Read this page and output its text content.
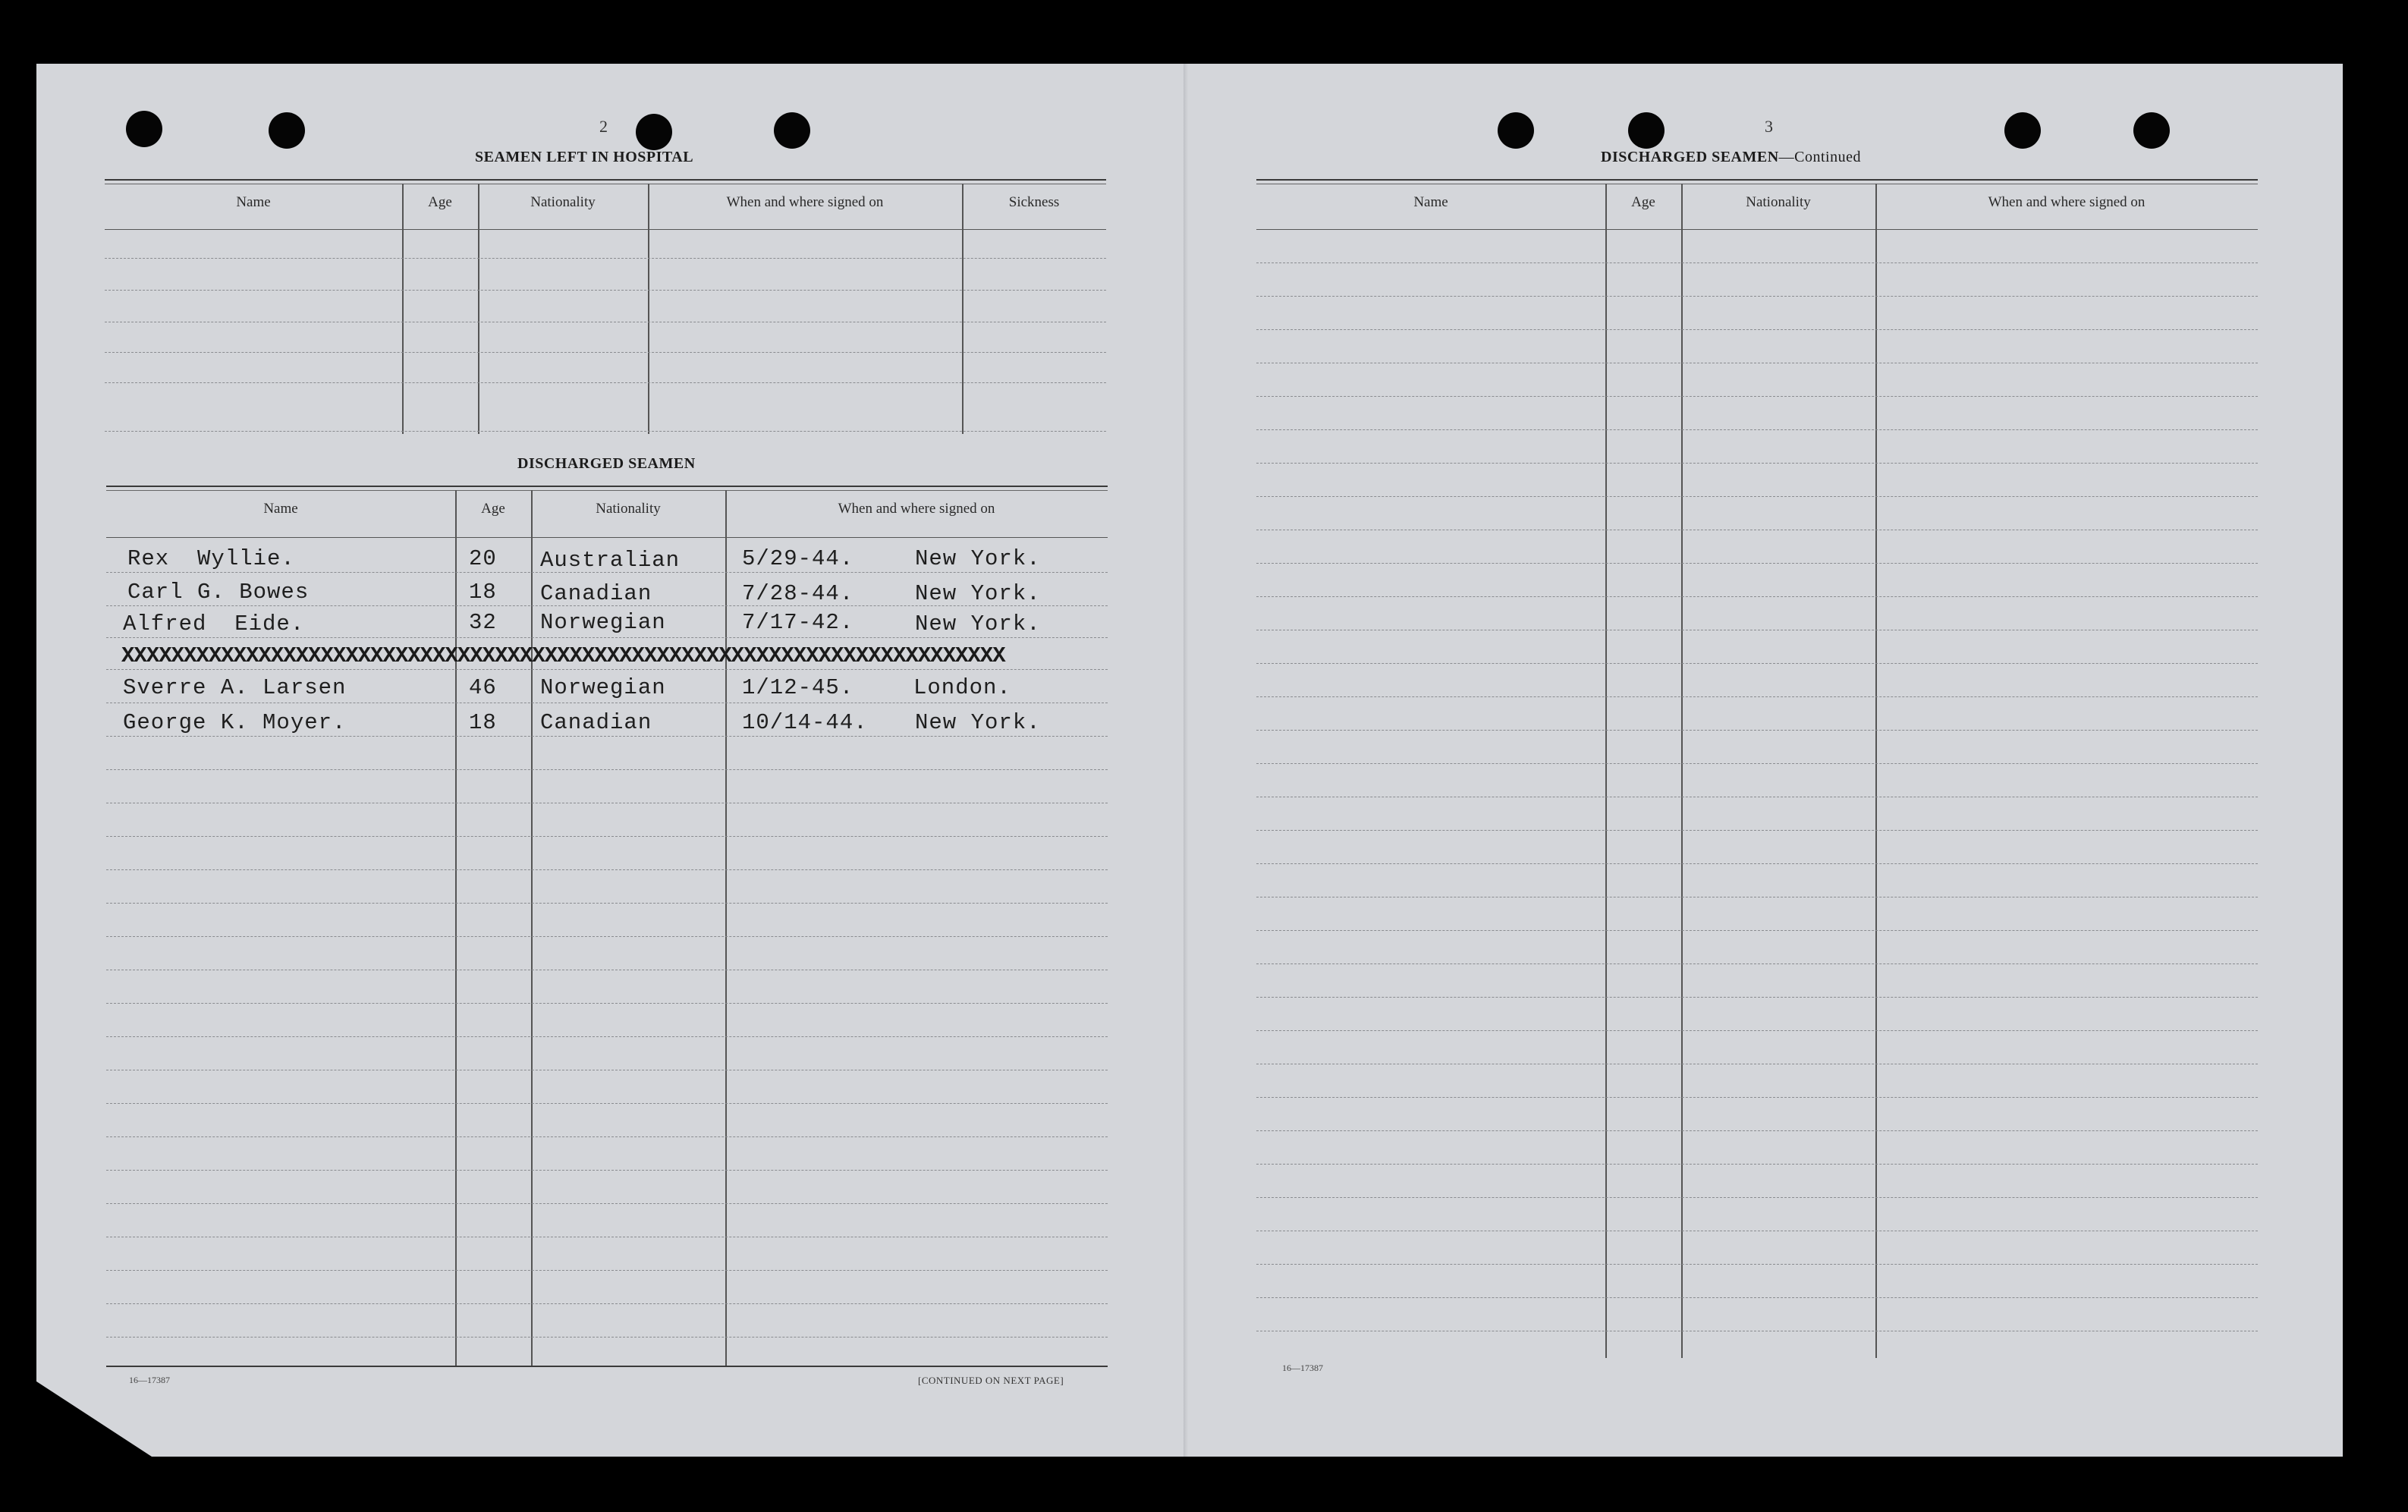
2
SEAMEN LEFT IN HOSPITAL
Name	Age	Nationality	When and where signed on	Sickness
DISCHARGED SEAMEN
Name	Age	Nationality	When and where signed on
Rex  Wyllie.	20 Australian	5/29-44.	New York.
Carl G. Bowes	18 Canadian	7/28-44.	New York.
Alfred  Eide.	32 Norwegian	7/17-42.	New York.
XXXXXXXXXXXXXXXXXXXXXXXXXXXXXXXXXXXXXXXXXXXXXXXXXXXXXXXXXXXXXXXXXXXXXXX
Sverre A. Larsen	46 Norwegian	1/12-45.	London.
George K. Moyer.	18 Canadian	10/14-44. New York.
16—17387	[CONTINUED ON NEXT PAGE]
3
DISCHARGED SEAMEN—Continued
Name	Age	Nationality	When and where signed on
16—17387
